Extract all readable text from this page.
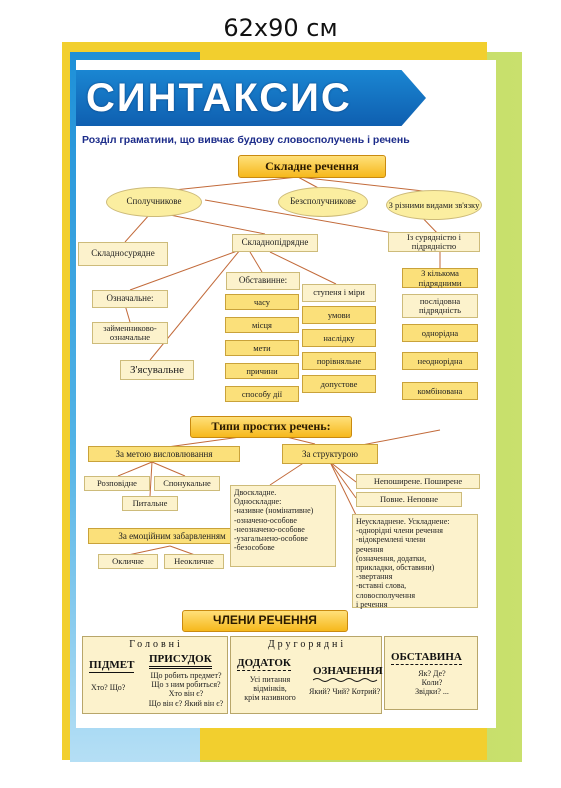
62х90 см
СИНТАКСИС
Розділ граматини, що вивчає будову словосполучень і речень
Складне речення
Сполучникове	Безсполучникове	З різними видами зв'язку
Складносурядне
Складнопідрядне
Із сурядністю і підрядністю
З кількома підрядними
Означальне:
займенниково-означальне
З'ясувальне
Обставинне:
часу
місця
мети
причини
способу дії
ступеня і міри
умови
наслідку
порівняльне
допустове
послідовна підрядність
однорідна
неоднорідна
комбінована
Типи простих речень:
За метою висловлювання
Розповідне	Спонукальне
Питальне
За емоційним забарвленням
Окличне	Неокличне
За структурою
Непоширене. Поширене
Повне. Неповне
Двоскладне.
Односкладне:
-називне (номінативне)
-означено-особове
-неозначено-особове
-узагальнено-особове
-безособове
Неускладнене. Ускладнене:
-однорідні члени речення
-відокремлені члени
речення
(означення, додатки,
прикладки, обставини)
-звертання
-вставні слова,
словосполучення
і речення
ЧЛЕНИ РЕЧЕННЯ
Головні
ПІДМЕТ
Хто? Що?
ПРИСУДОК
Що робить предмет?
Що з ним робиться?
Хто він є?
Що він є? Який він є?
Другорядні
ДОДАТОК
Усі питання
відмінків,
крім називного
ОЗНАЧЕННЯ
Який? Чий? Котрий?
ОБСТАВИНА
Як? Де?
Коли?
Звідки? ...
